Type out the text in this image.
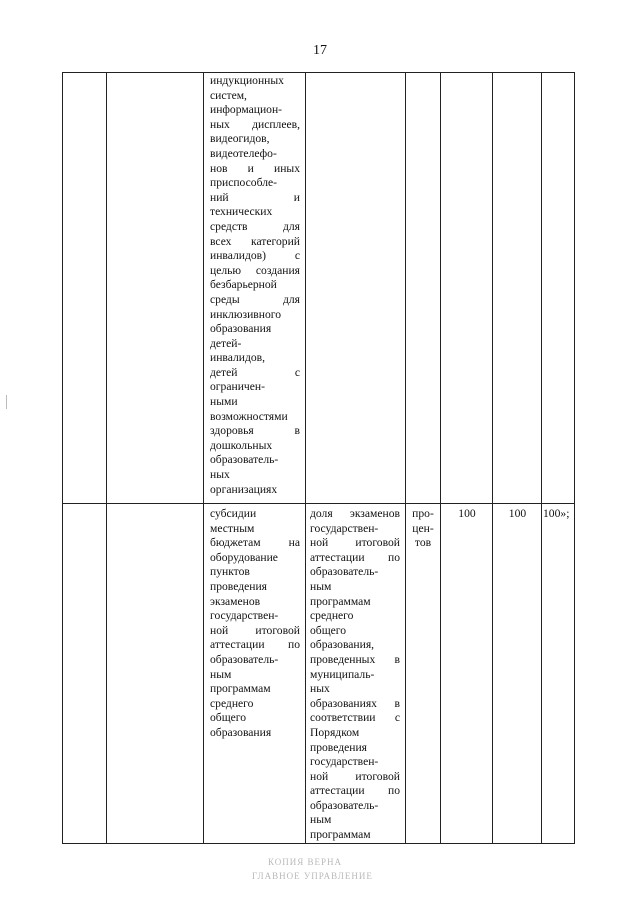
17
индукционных
систем,
информацион-
ных дисплеев,
видеогидов,
видеотелефо-
нов и иных
приспособле-
ний и
технических
средств для
всех категорий
инвалидов) с
целью создания
безбарьерной
среды для
инклюзивного
образования
детей-
инвалидов,
детей с
ограничен-
ными
возможностями
здоровья в
дошкольных
образователь-
ных
организациях
субсидии
местным
бюджетам на
оборудование
пунктов
проведения
экзаменов
государствен-
ной итоговой
аттестации по
образователь-
ным
программам
среднего
общего
образования
доля экзаменов
государствен-
ной итоговой
аттестации по
образователь-
ным
программам
среднего
общего
образования,
проведенных в
муниципаль-
ных
образованиях в
соответствии с
Порядком
проведения
государствен-
ной итоговой
аттестации по
образователь-
ным
программам
про-
цен-
тов
100	100	100»;
КОПИЯ ВЕРНА
ГЛАВНОЕ УПРАВЛЕНИЕ
